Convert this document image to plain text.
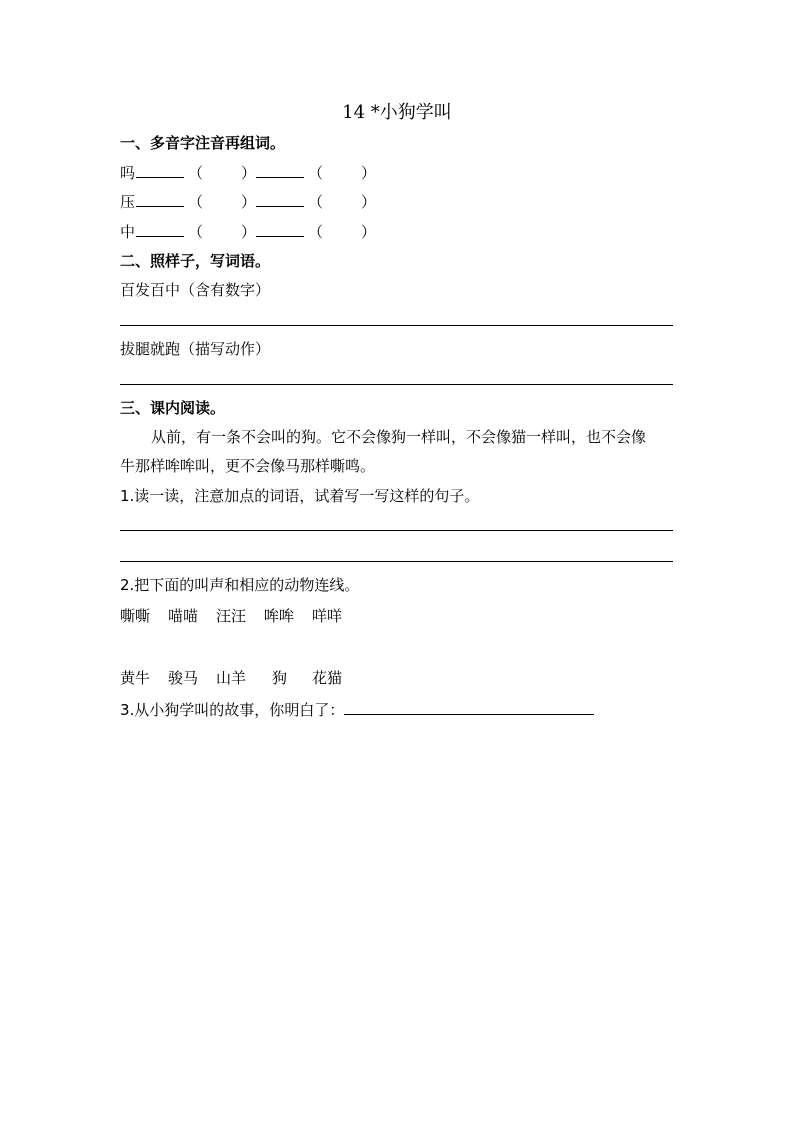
14 *小狗学叫
一、多音字注音再组词。
吗	（	）	（	）
压	（	）	（	）
中	（	）	（	）
二、照样子，写词语。
百发百中（含有数字）
拔腿就跑（描写动作）
三、课内阅读。
从前，有一条不会叫的狗。它不会像狗一样叫，不会像猫一样叫，也不会像
牛那样哞哞叫，更不会像马那样嘶鸣。
1.读一读，注意加点的词语，试着写一写这样的句子。
2.把下面的叫声和相应的动物连线。
嘶嘶 喵喵 汪汪 哞哞 咩咩
黄牛 骏马 山羊 狗 花猫
3.从小狗学叫的故事，你明白了：
